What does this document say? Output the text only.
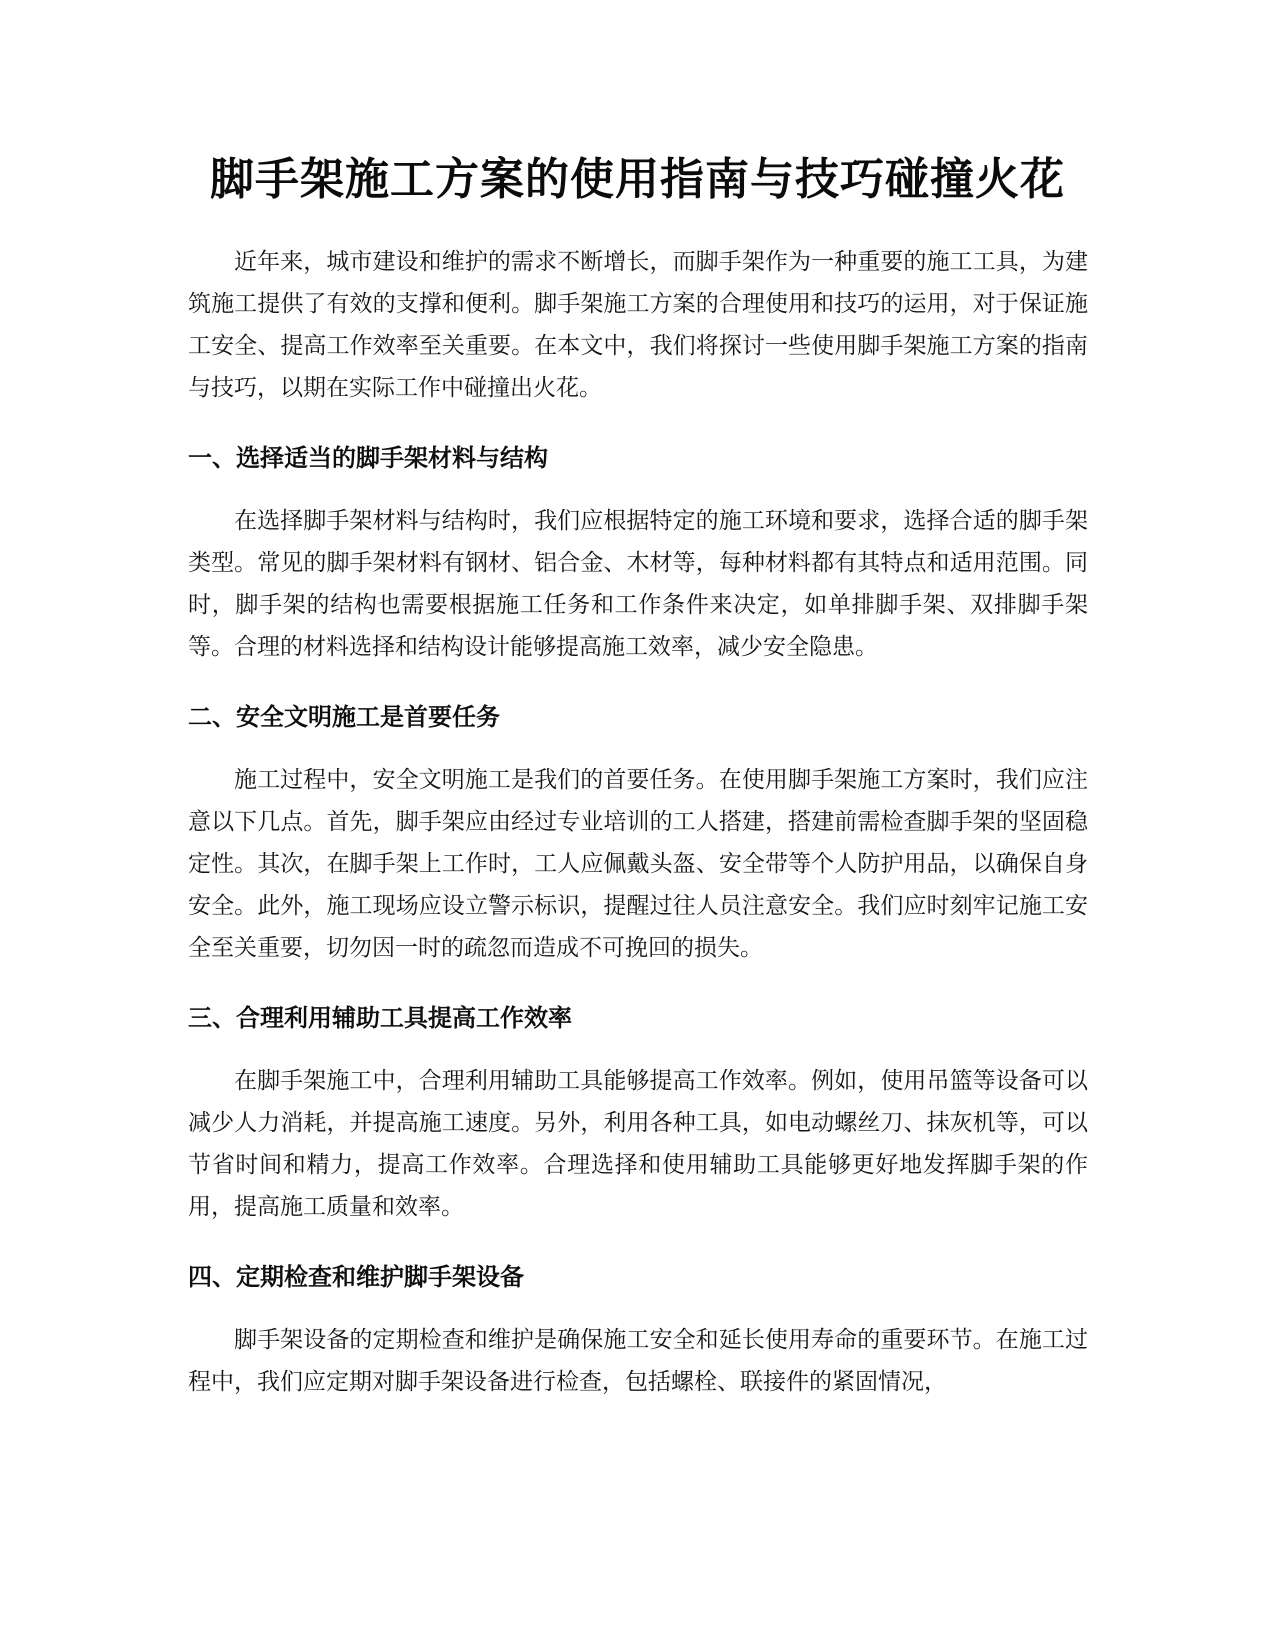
脚手架施工方案的使用指南与技巧碰撞火花

近年来，城市建设和维护的需求不断增长，而脚手架作为一种重要的施工工具，为建筑施工提供了有效的支撑和便利。脚手架施工方案的合理使用和技巧的运用，对于保证施工安全、提高工作效率至关重要。在本文中，我们将探讨一些使用脚手架施工方案的指南与技巧，以期在实际工作中碰撞出火花。

一、选择适当的脚手架材料与结构

在选择脚手架材料与结构时，我们应根据特定的施工环境和要求，选择合适的脚手架类型。常见的脚手架材料有钢材、铝合金、木材等，每种材料都有其特点和适用范围。同时，脚手架的结构也需要根据施工任务和工作条件来决定，如单排脚手架、双排脚手架等。合理的材料选择和结构设计能够提高施工效率，减少安全隐患。

二、安全文明施工是首要任务

施工过程中，安全文明施工是我们的首要任务。在使用脚手架施工方案时，我们应注意以下几点。首先，脚手架应由经过专业培训的工人搭建，搭建前需检查脚手架的坚固稳定性。其次，在脚手架上工作时，工人应佩戴头盔、安全带等个人防护用品，以确保自身安全。此外，施工现场应设立警示标识，提醒过往人员注意安全。我们应时刻牢记施工安全至关重要，切勿因一时的疏忽而造成不可挽回的损失。

三、合理利用辅助工具提高工作效率

在脚手架施工中，合理利用辅助工具能够提高工作效率。例如，使用吊篮等设备可以减少人力消耗，并提高施工速度。另外，利用各种工具，如电动螺丝刀、抹灰机等，可以节省时间和精力，提高工作效率。合理选择和使用辅助工具能够更好地发挥脚手架的作用，提高施工质量和效率。

四、定期检查和维护脚手架设备

脚手架设备的定期检查和维护是确保施工安全和延长使用寿命的重要环节。在施工过程中，我们应定期对脚手架设备进行检查，包括螺栓、联接件的紧固情况，
